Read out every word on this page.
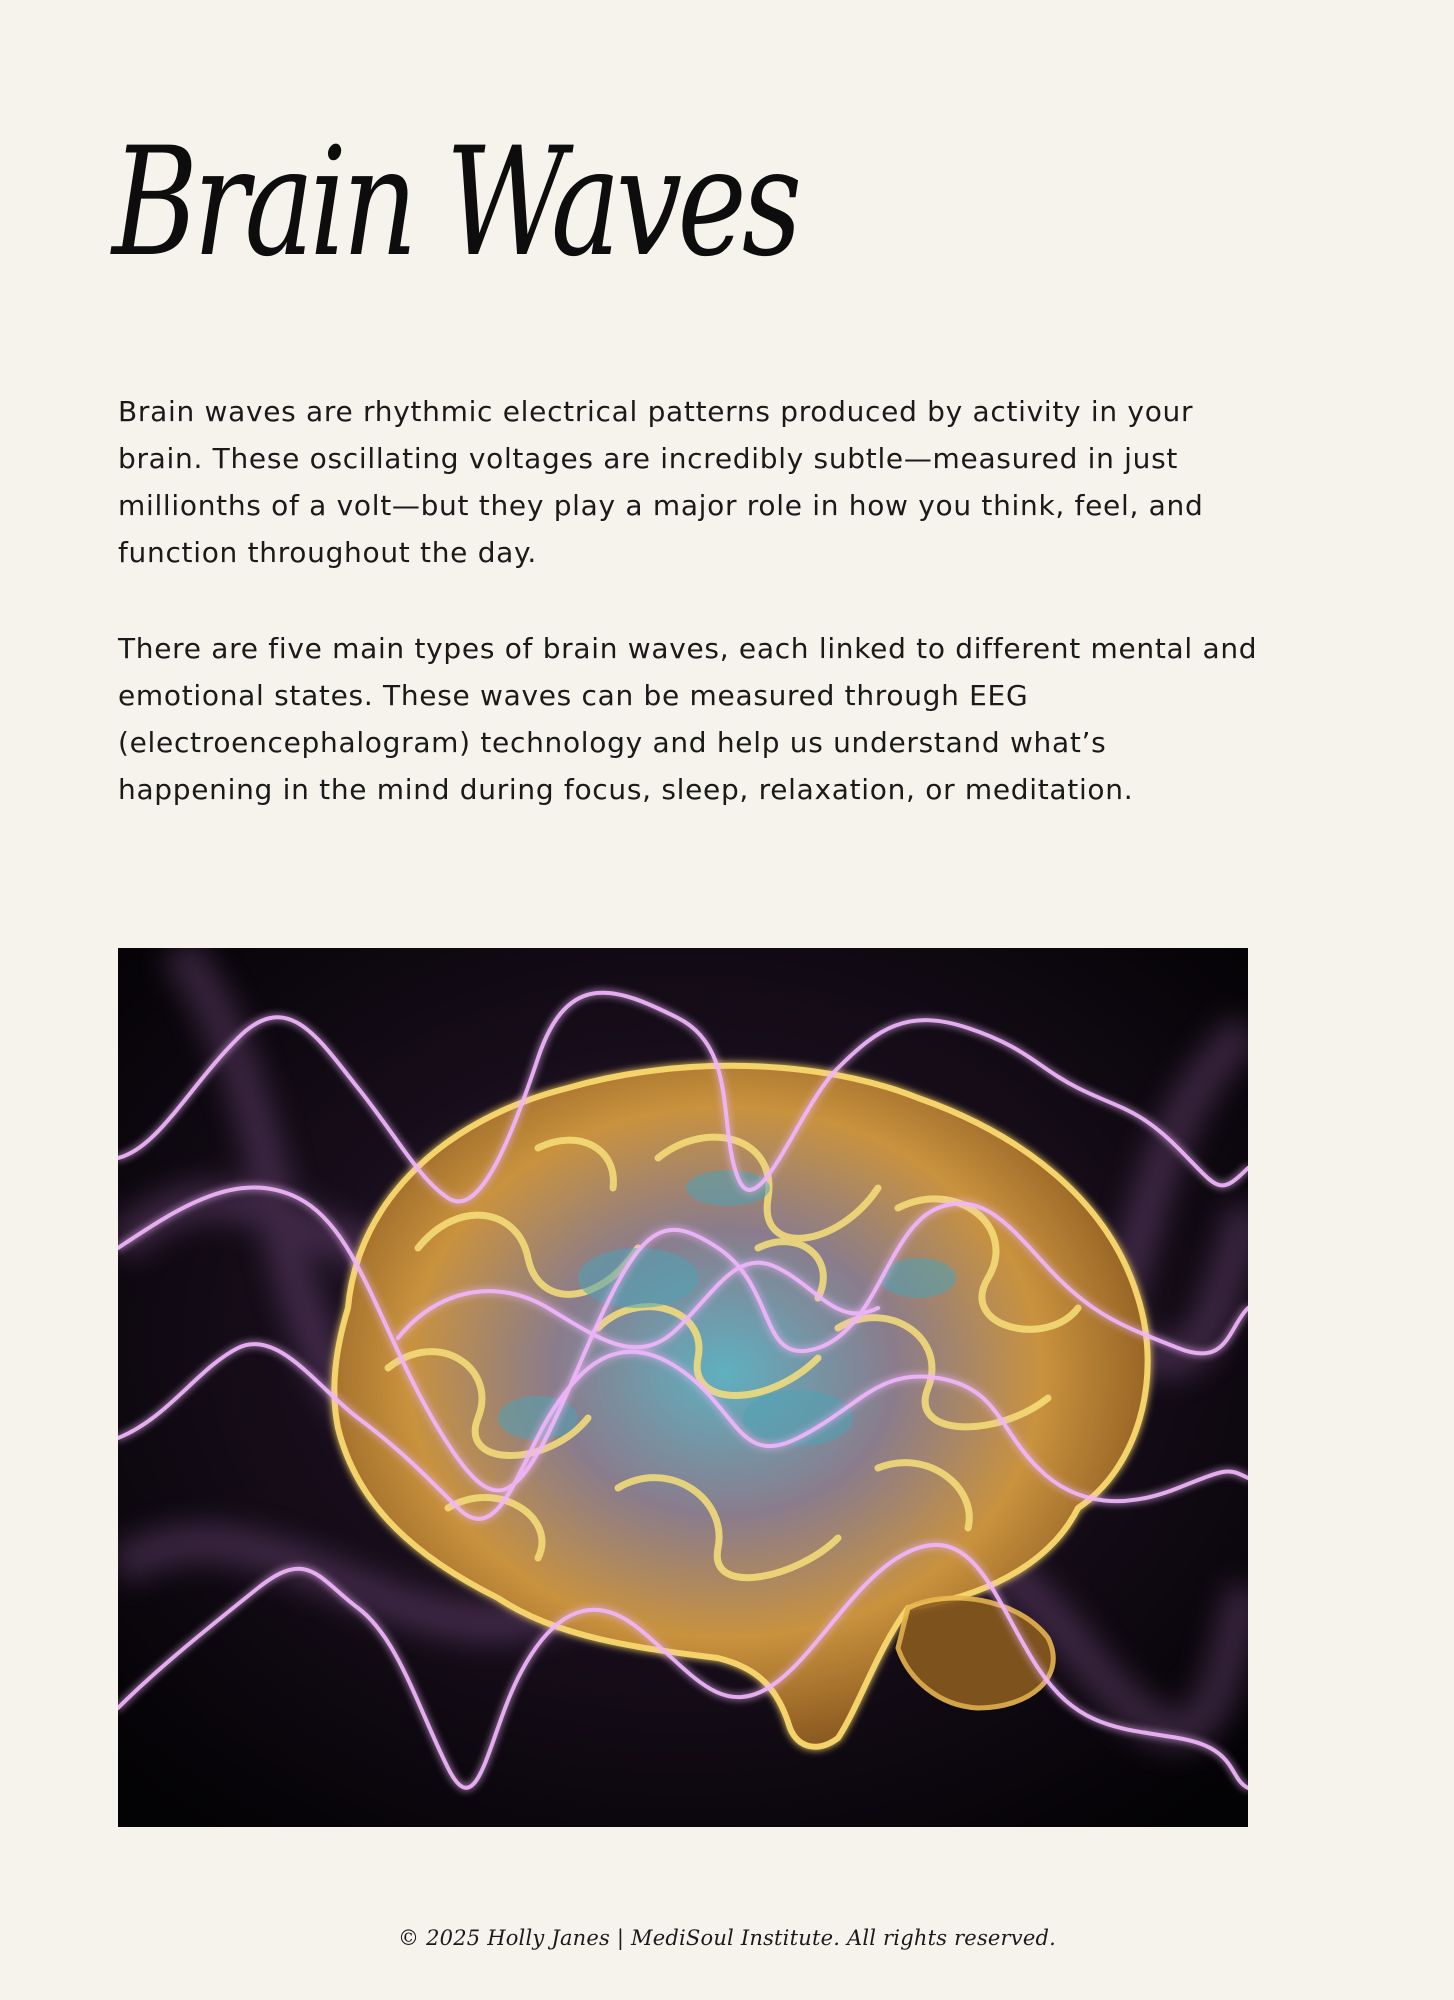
Brain Waves

Brain waves are rhythmic electrical patterns produced by activity in your brain. These oscillating voltages are incredibly subtle—measured in just millionths of a volt—but they play a major role in how you think, feel, and function throughout the day.

There are five main types of brain waves, each linked to different mental and emotional states. These waves can be measured through EEG (electroencephalogram) technology and help us understand what’s happening in the mind during focus, sleep, relaxation, or meditation.

© 2025 Holly Janes | MediSoul Institute. All rights reserved.
